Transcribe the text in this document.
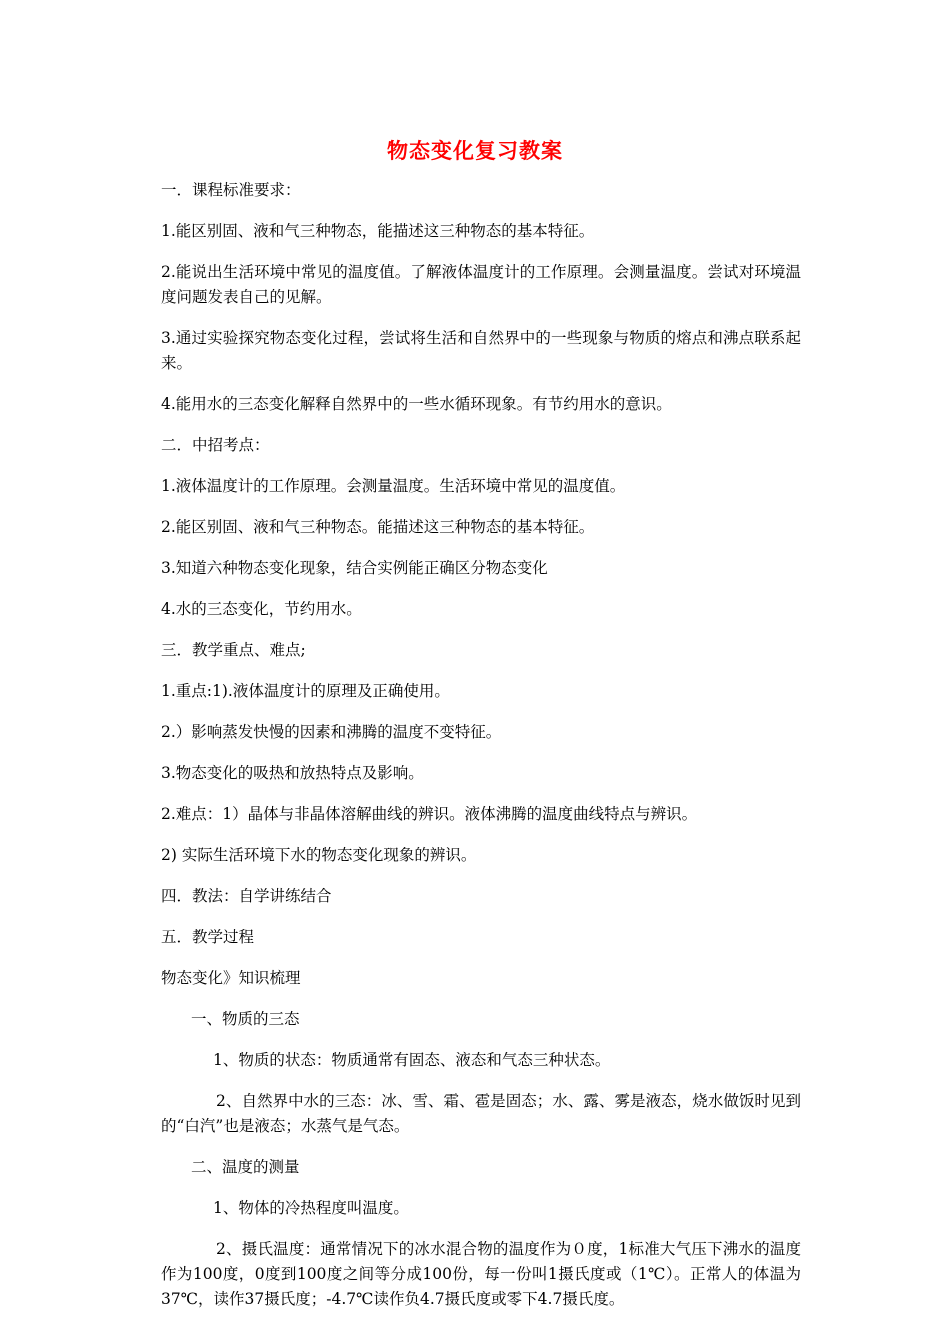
物态变化复习教案

一．课程标准要求：

1.能区别固、液和气三种物态，能描述这三种物态的基本特征。

2.能说出生活环境中常见的温度值。了解液体温度计的工作原理。会测量温度。尝试对环境温度问题发表自己的见解。

3.通过实验探究物态变化过程，尝试将生活和自然界中的一些现象与物质的熔点和沸点联系起来。

4.能用水的三态变化解释自然界中的一些水循环现象。有节约用水的意识。

二．中招考点：

1.液体温度计的工作原理。会测量温度。生活环境中常见的温度值。

2.能区别固、液和气三种物态。能描述这三种物态的基本特征。

3.知道六种物态变化现象，结合实例能正确区分物态变化

4.水的三态变化，节约用水。

三．教学重点、难点;

1.重点:1).液体温度计的原理及正确使用。

2.）影响蒸发快慢的因素和沸腾的温度不变特征。

3.物态变化的吸热和放热特点及影响。

2.难点：1）晶体与非晶体溶解曲线的辨识。液体沸腾的温度曲线特点与辨识。

2) 实际生活环境下水的物态变化现象的辨识。

四．教法：自学讲练结合

五．教学过程

物态变化》知识梳理

一、物质的三态

1、物质的状态：物质通常有固态、液态和气态三种状态。

2、自然界中水的三态：冰、雪、霜、雹是固态；水、露、雾是液态，烧水做饭时见到的“白汽”也是液态；水蒸气是气态。

二、温度的测量

1、物体的冷热程度叫温度。

2、摄氏温度：通常情况下的冰水混合物的温度作为０度，1标准大气压下沸水的温度作为100度，0度到100度之间等分成100份，每一份叫1摄氏度或（1℃）。正常人的体温为37℃，读作37摄氏度；-4.7℃读作负4.7摄氏度或零下4.7摄氏度。
